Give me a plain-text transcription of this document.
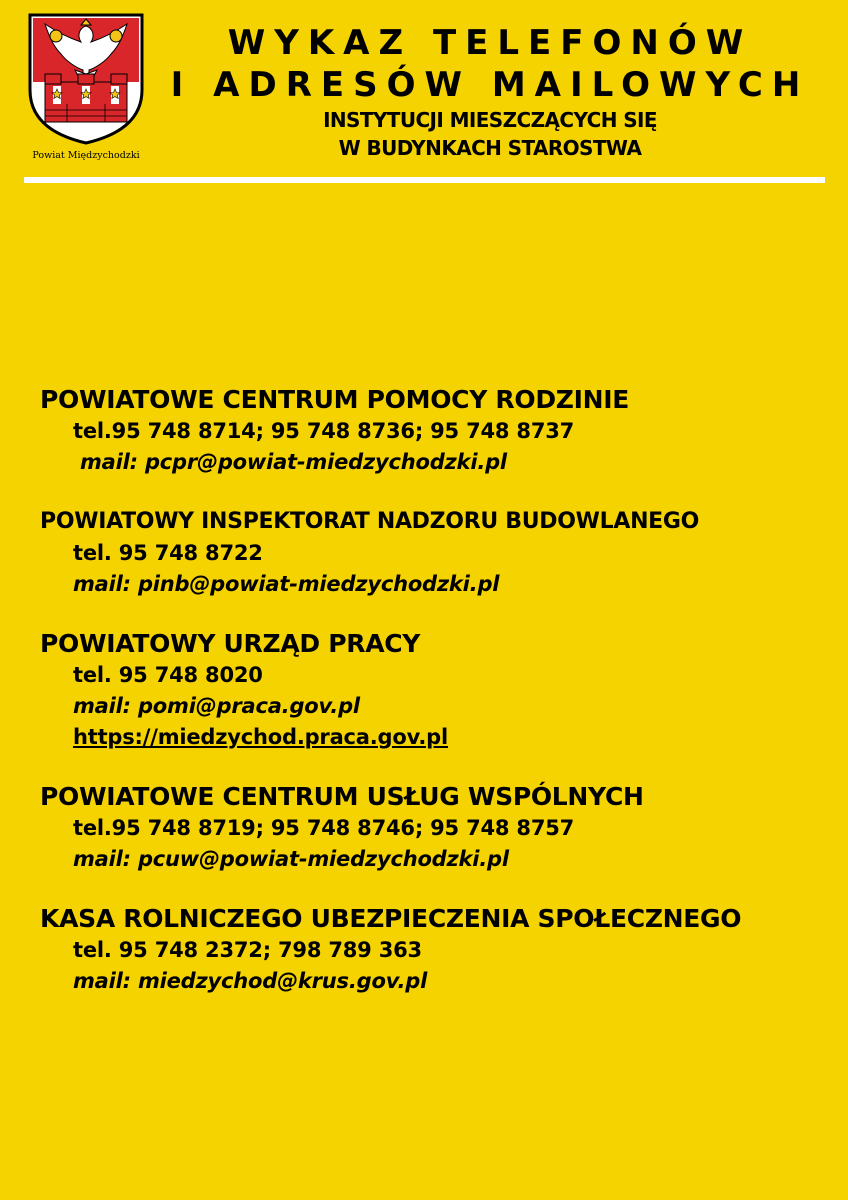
Powiat Międzychodzki
WYKAZ TELEFONÓW
I ADRESÓW MAILOWYCH
INSTYTUCJI MIESZCZĄCYCH SIĘ
W BUDYNKACH STAROSTWA
POWIATOWE CENTRUM POMOCY RODZINIE
tel.95 748 8714; 95 748 8736; 95 748 8737
mail: pcpr@powiat-miedzychodzki.pl
POWIATOWY INSPEKTORAT NADZORU BUDOWLANEGO
tel. 95 748 8722
mail: pinb@powiat-miedzychodzki.pl
POWIATOWY URZĄD PRACY
tel. 95 748 8020
mail: pomi@praca.gov.pl
https://miedzychod.praca.gov.pl
POWIATOWE CENTRUM USŁUG WSPÓLNYCH
tel.95 748 8719; 95 748 8746; 95 748 8757
mail: pcuw@powiat-miedzychodzki.pl
KASA ROLNICZEGO UBEZPIECZENIA SPOŁECZNEGO
tel. 95 748 2372; 798 789 363
mail: miedzychod@krus.gov.pl
